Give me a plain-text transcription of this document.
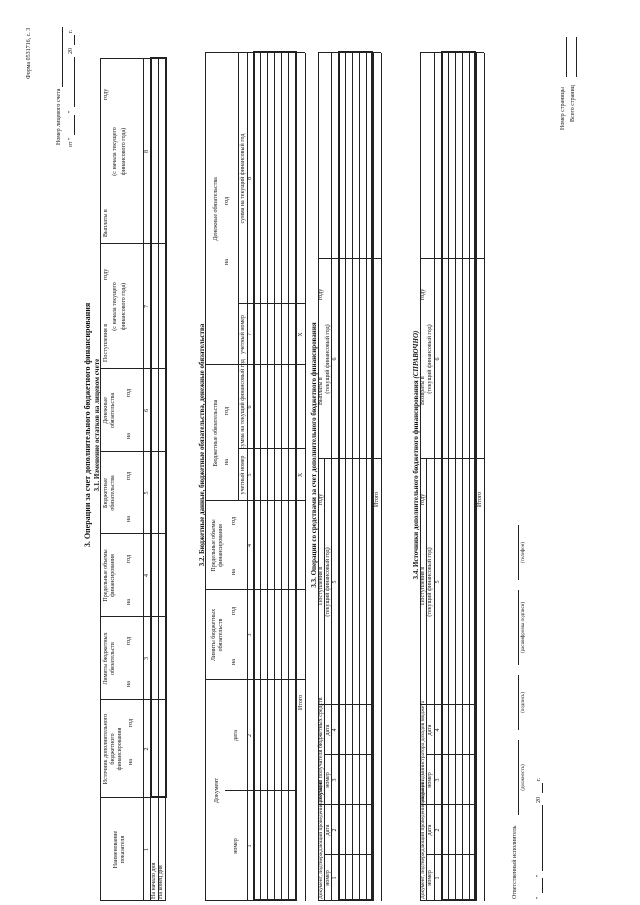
Форма 0531716, с. 3
Номер лицевого счета от "
"
20
г.
3. Операции за счет дополнительного бюджетного финансирования 3.1. Изменение остатков на лицевом счете
Наименование показателя
Источник дополнительного бюджетного финансирования на
год
Лимиты бюджетных обязательств
на
год
Предельные объемы финансирования
на
год
Бюджетные обязательства
на
год
Денежные обязательства
на
год
Поступления в
году
(с начала текущего финансового года)
Выплаты в
году
(с начала текущего финансового года)
1
2
3
4
5
6
7
8
На начало дня На конец дня
3.2. Бюджетные данные, бюджетные обязательства, денежные обязательства
Документ
номер
дата
Лимиты бюджетных обязательств
на
год
Предельные объемы финансирования
на
год
Бюджетные обязательства на
год
учетный номер
сумма на текущий финансовый год
Денежные обязательства
на
год
учетный номер
сумма на текущий финансовый год
1
2
3
4
5
6
7
8
Итого
X
X 3.3. Операции со средствами за счет дополнительного бюджетного финансирования
Документ, подтверждающий проведение операции номер
дата
Документ получателя бюджетных средств номер
дата
Поступления в
году
(текущий финансовый год)
Выплаты в
году
(текущий финансовый год)
1
2
3
4
5
6
Итого	3.4. Источники дополнительного бюджетного финансирования (СПРАВОЧНО)
Документ, подтверждающий проведение операции номер
дата
Документ администратора доходов бюджета номер
дата
Поступления в
году
(текущий финансовый год)
Возвраты в
году
(текущий финансовый год)
1
2
3
4
5
6
Итого
Ответственный исполнитель
(должность)
(подпись)
(расшифровка подписи)
(телефон)
"
"
20
г.
Номер страницы Всего страниц
